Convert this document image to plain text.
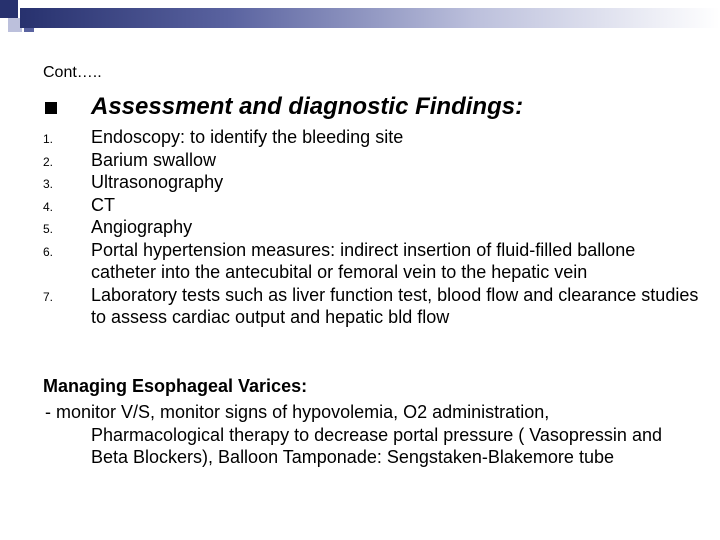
Cont…..
Assessment and diagnostic Findings:
1. Endoscopy: to identify the bleeding site
2. Barium swallow
3. Ultrasonography
4. CT
5. Angiography
6. Portal hypertension measures: indirect insertion of fluid-filled ballone catheter into the antecubital or femoral vein to the hepatic vein
7. Laboratory tests such as liver function test, blood flow and clearance studies to assess cardiac output and hepatic bld flow
Managing Esophageal Varices:
- monitor V/S, monitor signs of hypovolemia, O2 administration,
Pharmacological therapy to decrease portal pressure ( Vasopressin and Beta Blockers), Balloon Tamponade: Sengstaken-Blakemore tube
